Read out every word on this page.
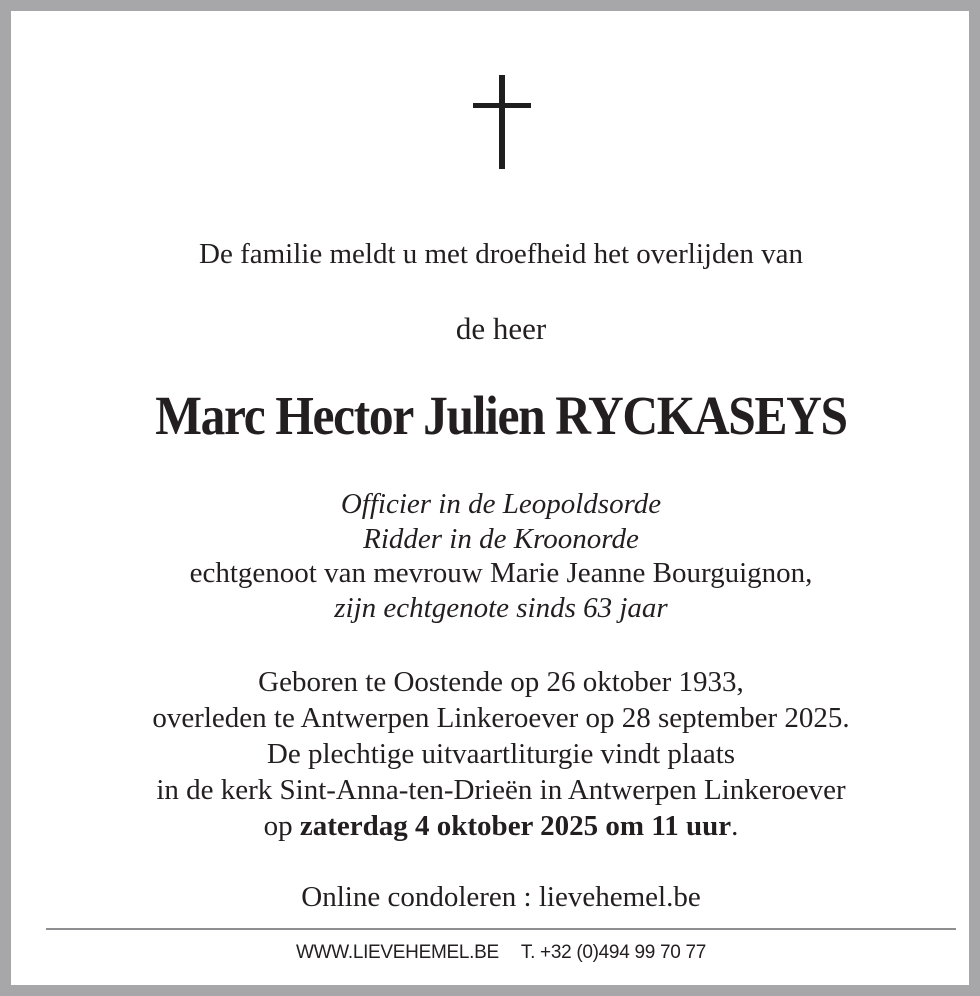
De familie meldt u met droefheid het overlijden van
de heer
Marc Hector Julien RYCKASEYS
Officier in de Leopoldsorde
Ridder in de Kroonorde
echtgenoot van mevrouw Marie Jeanne Bourguignon,
zijn echtgenote sinds 63 jaar
Geboren te Oostende op 26 oktober 1933,
overleden te Antwerpen Linkeroever op 28 september 2025.
De plechtige uitvaartliturgie vindt plaats
in de kerk Sint-Anna-ten-Drieën in Antwerpen Linkeroever
op zaterdag 4 oktober 2025 om 11 uur.
Online condoleren : lievehemel.be
WWW.LIEVEHEMEL.BE T. +32 (0)494 99 70 77
